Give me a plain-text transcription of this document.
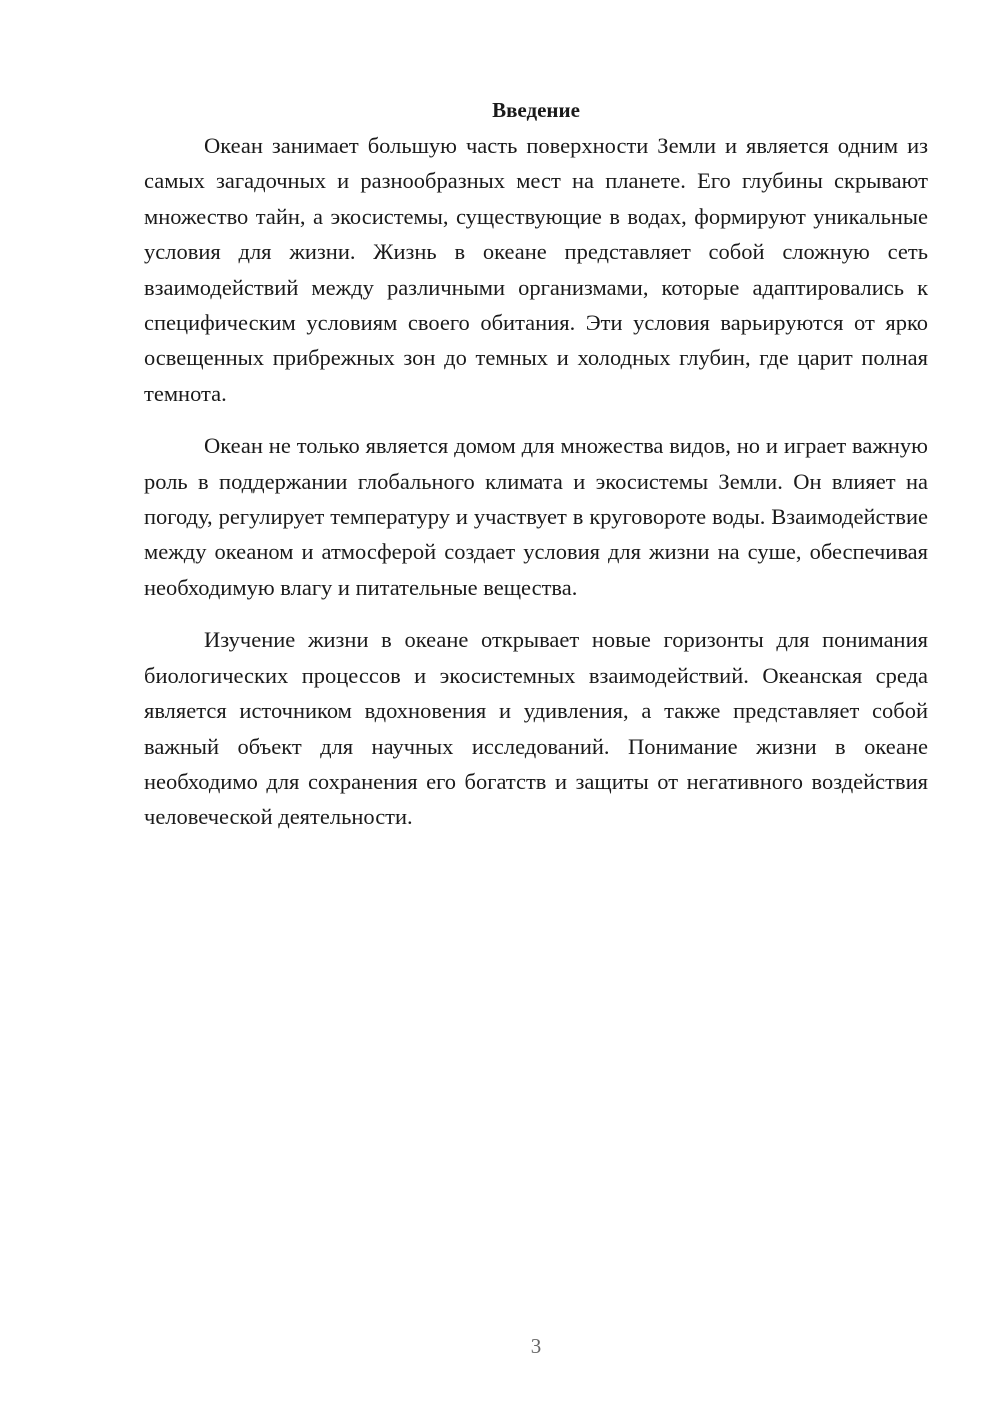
Введение

Океан занимает большую часть поверхности Земли и является одним из самых загадочных и разнообразных мест на планете. Его глубины скрывают множество тайн, а экосистемы, существующие в водах, формируют уникальные условия для жизни. Жизнь в океане представляет собой сложную сеть взаимодействий между различными организмами, которые адаптировались к специфическим условиям своего обитания. Эти условия варьируются от ярко освещенных прибрежных зон до темных и холодных глубин, где царит полная темнота.

Океан не только является домом для множества видов, но и играет важную роль в поддержании глобального климата и экосистемы Земли. Он влияет на погоду, регулирует температуру и участвует в круговороте воды. Взаимодействие между океаном и атмосферой создает условия для жизни на суше, обеспечивая необходимую влагу и питательные вещества.

Изучение жизни в океане открывает новые горизонты для понимания биологических процессов и экосистемных взаимодействий. Океанская среда является источником вдохновения и удивления, а также представляет собой важный объект для научных исследований. Понимание жизни в океане необходимо для сохранения его богатств и защиты от негативного воздействия человеческой деятельности.

3
